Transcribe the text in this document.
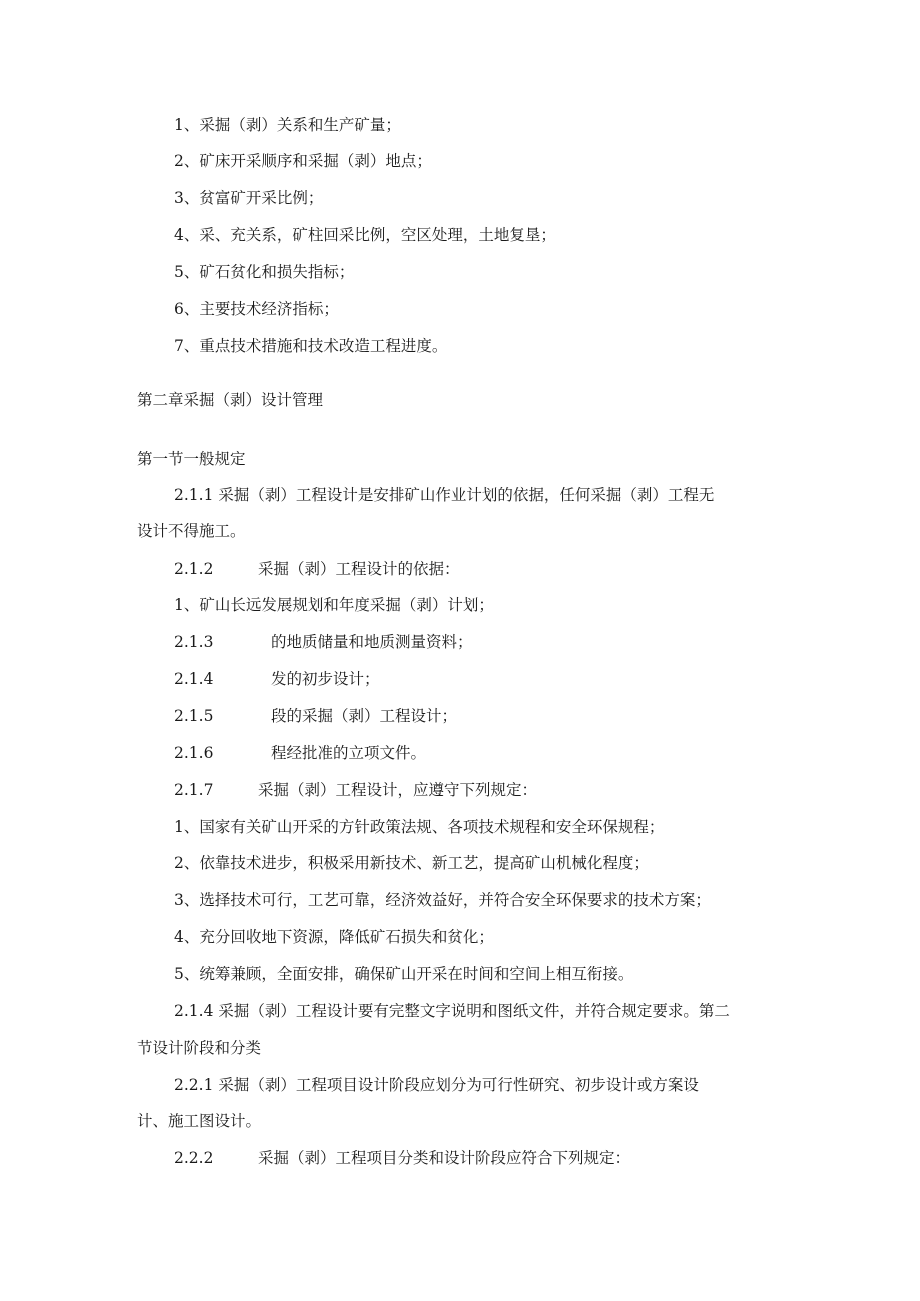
1、采掘（剥）关系和生产矿量；
2、矿床开采顺序和采掘（剥）地点；
3、贫富矿开采比例；
4、采、充关系，矿柱回采比例，空区处理，土地复垦；
5、矿石贫化和损失指标；
6、主要技术经济指标；
7、重点技术措施和技术改造工程进度。
第二章采掘（剥）设计管理
第一节一般规定
2.1.1 采掘（剥）工程设计是安排矿山作业计划的依据，任何采掘（剥）工程无
设计不得施工。
2.1.2	采掘（剥）工程设计的依据：
1、矿山长远发展规划和年度采掘（剥）计划；
2.1.3	的地质储量和地质测量资料；
2.1.4	发的初步设计；
2.1.5	段的采掘（剥）工程设计；
2.1.6	程经批准的立项文件。
2.1.7	采掘（剥）工程设计，应遵守下列规定：
1、国家有关矿山开采的方针政策法规、各项技术规程和安全环保规程；
2、依靠技术进步，积极采用新技术、新工艺，提高矿山机械化程度；
3、选择技术可行，工艺可靠，经济效益好，并符合安全环保要求的技术方案；
4、充分回收地下资源，降低矿石损失和贫化；
5、统筹兼顾，全面安排，确保矿山开采在时间和空间上相互衔接。
2.1.4 采掘（剥）工程设计要有完整文字说明和图纸文件，并符合规定要求。第二
节设计阶段和分类
2.2.1 采掘（剥）工程项目设计阶段应划分为可行性研究、初步设计或方案设
计、施工图设计。
2.2.2	采掘（剥）工程项目分类和设计阶段应符合下列规定：
